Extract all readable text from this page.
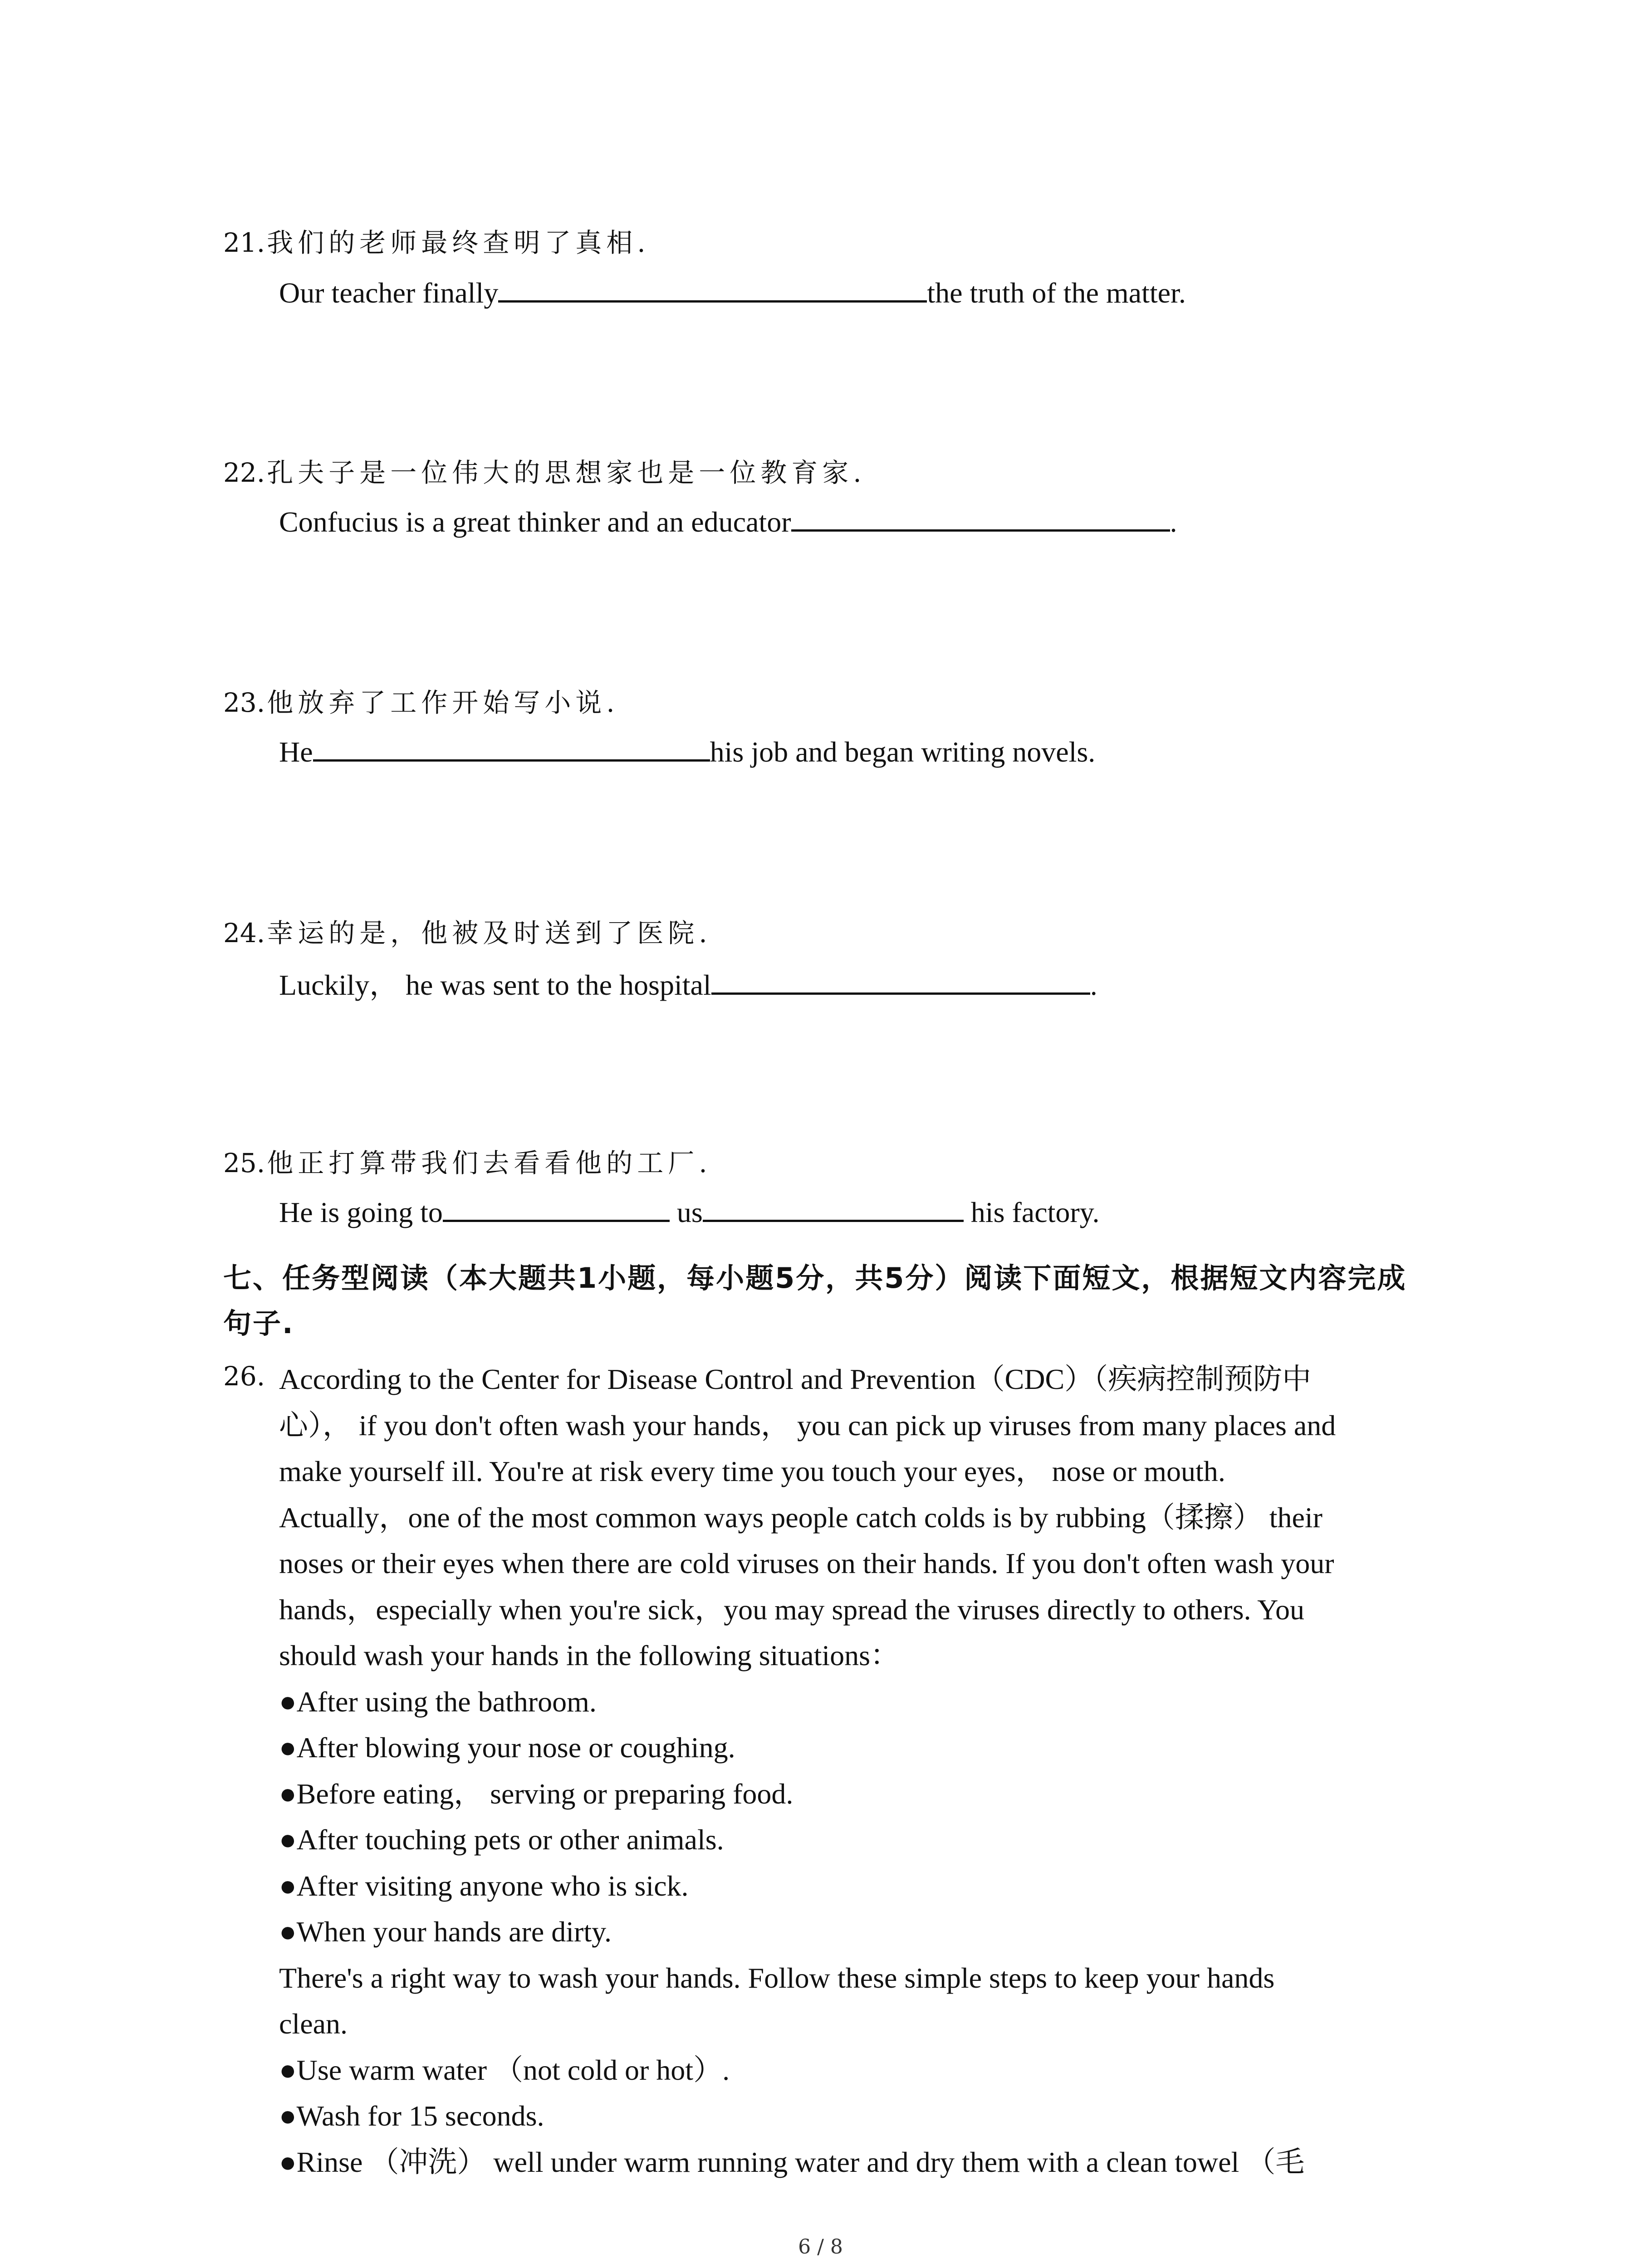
21. 我们的老师最终查明了真相.
Our teacher finally	the truth of the matter.
22. 孔夫子是一位伟大的思想家也是一位教育家.
Confucius is a great thinker and an educator	.
23. 他放弃了工作开始写小说.
He	his job and began writing novels.
24. 幸运的是，他被及时送到了医院.
Luckily， he was sent to the hospital	.
25. 他正打算带我们去看看他的工厂.
He is going to	us	his factory.
七、任务型阅读（本大题共1小题，每小题5分，共5分）阅读下面短文，根据短文内容完成
句子.
26. According to the Center for Disease Control and Prevention（CDC）（疾病控制预防中
心）， if you don't often wash your hands， you can pick up viruses from many places and
make yourself ill. You're at risk every time you touch your eyes， nose or mouth.
Actually，one of the most common ways people catch colds is by rubbing（揉擦） their
noses or their eyes when there are cold viruses on their hands. If you don't often wash your
hands，especially when you're sick，you may spread the viruses directly to others. You
should wash your hands in the following situations：
●After using the bathroom.
●After blowing your nose or coughing.
●Before eating， serving or preparing food.
●After touching pets or other animals.
●After visiting anyone who is sick.
●When your hands are dirty.
There's a right way to wash your hands. Follow these simple steps to keep your hands
clean.
●Use warm water （not cold or hot）.
●Wash for 15 seconds.
●Rinse （冲洗） well under warm running water and dry them with a clean towel （毛
6 / 8
